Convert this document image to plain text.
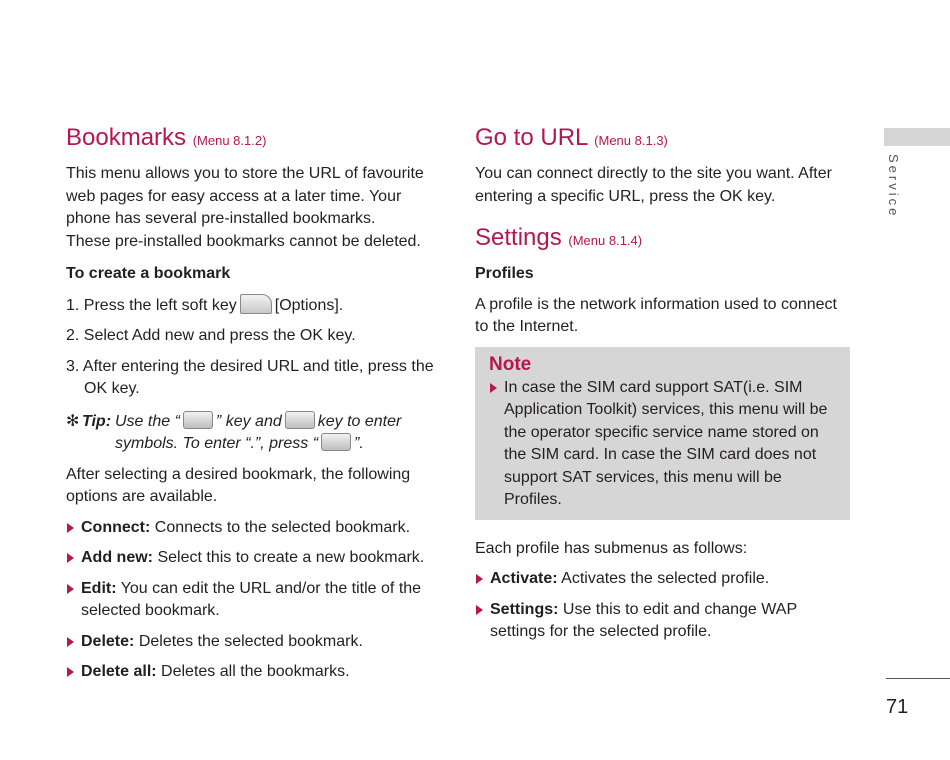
Bookmarks (Menu 8.1.2)

This menu allows you to store the URL of favourite web pages for easy access at a later time. Your phone has several pre-installed bookmarks.

These pre-installed bookmarks cannot be deleted.

To create a bookmark

1. Press the left soft key [Options].

2. Select Add new and press the OK key.

3. After entering the desired URL and title, press the OK key.

✻ Tip: Use the “ ” key and key to enter symbols. To enter “.”, press “ ”.

After selecting a desired bookmark, the following options are available.

Connect: Connects to the selected bookmark.
Add new: Select this to create a new bookmark.
Edit: You can edit the URL and/or the title of the selected bookmark.
Delete: Deletes the selected bookmark.
Delete all: Deletes all the bookmarks.
Go to URL (Menu 8.1.3)

You can connect directly to the site you want. After entering a specific URL, press the OK key.

Settings (Menu 8.1.4)

Profiles

A profile is the network information used to connect to the Internet.

Note
In case the SIM card support SAT(i.e. SIM Application Toolkit) services, this menu will be the operator specific service name stored on the SIM card. In case the SIM card does not support SAT services, this menu will be Profiles.

Each profile has submenus as follows:

Activate: Activates the selected profile.
Settings: Use this to edit and change WAP settings for the selected profile.
Service
71
